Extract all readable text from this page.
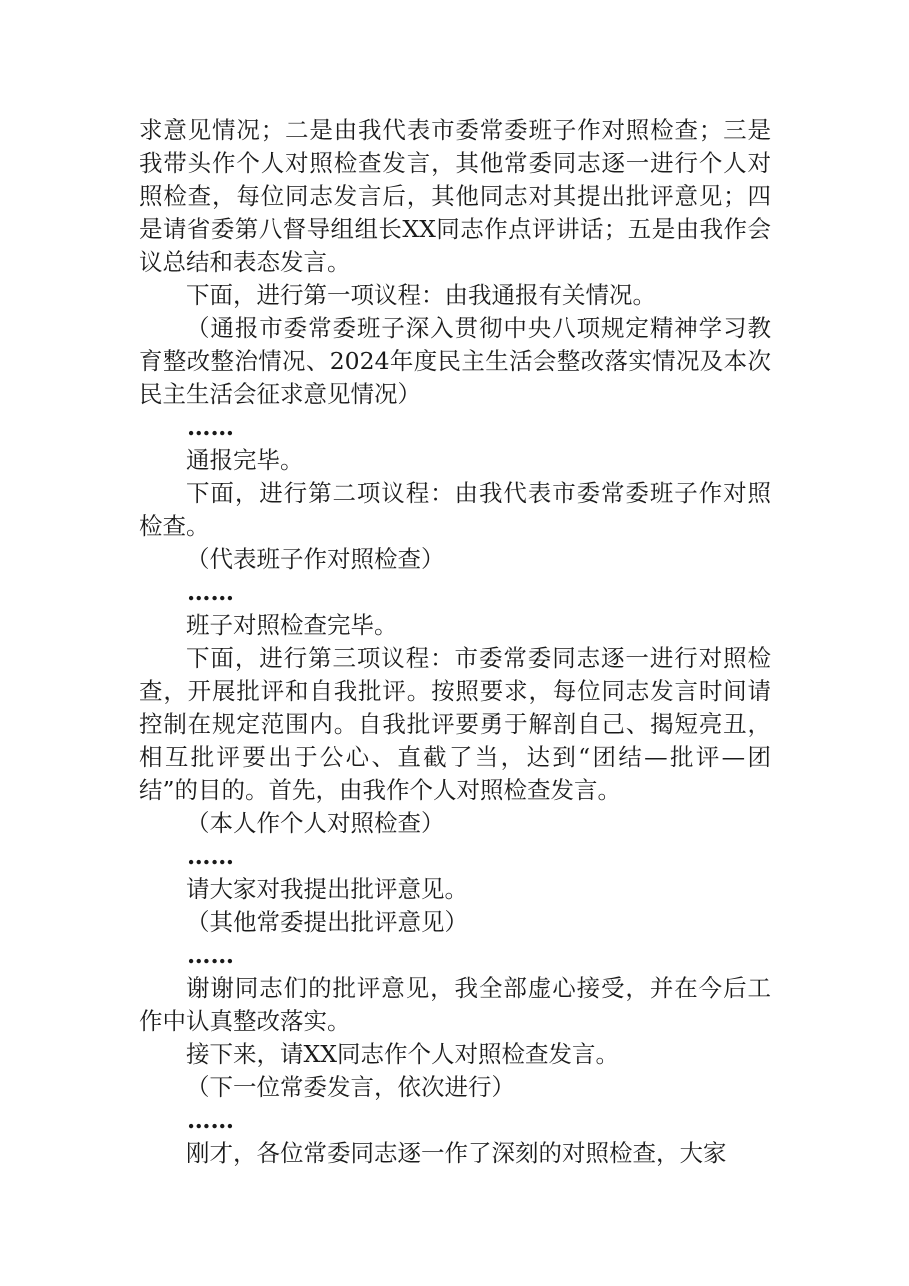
求意见情况；二是由我代表市委常委班子作对照检查；三是我带头作个人对照检查发言，其他常委同志逐一进行个人对照检查，每位同志发言后，其他同志对其提出批评意见；四是请省委第八督导组组长XX同志作点评讲话；五是由我作会议总结和表态发言。

下面，进行第一项议程：由我通报有关情况。

（通报市委常委班子深入贯彻中央八项规定精神学习教育整改整治情况、2024年度民主生活会整改落实情况及本次民主生活会征求意见情况）

……

通报完毕。

下面，进行第二项议程：由我代表市委常委班子作对照检查。

（代表班子作对照检查）

……

班子对照检查完毕。

下面，进行第三项议程：市委常委同志逐一进行对照检查，开展批评和自我批评。按照要求，每位同志发言时间请控制在规定范围内。自我批评要勇于解剖自己、揭短亮丑，相互批评要出于公心、直截了当，达到“团结—批评—团结”的目的。首先，由我作个人对照检查发言。

（本人作个人对照检查）

……

请大家对我提出批评意见。

（其他常委提出批评意见）

……

谢谢同志们的批评意见，我全部虚心接受，并在今后工作中认真整改落实。

接下来，请XX同志作个人对照检查发言。

（下一位常委发言，依次进行）

……

刚才，各位常委同志逐一作了深刻的对照检查，大家
